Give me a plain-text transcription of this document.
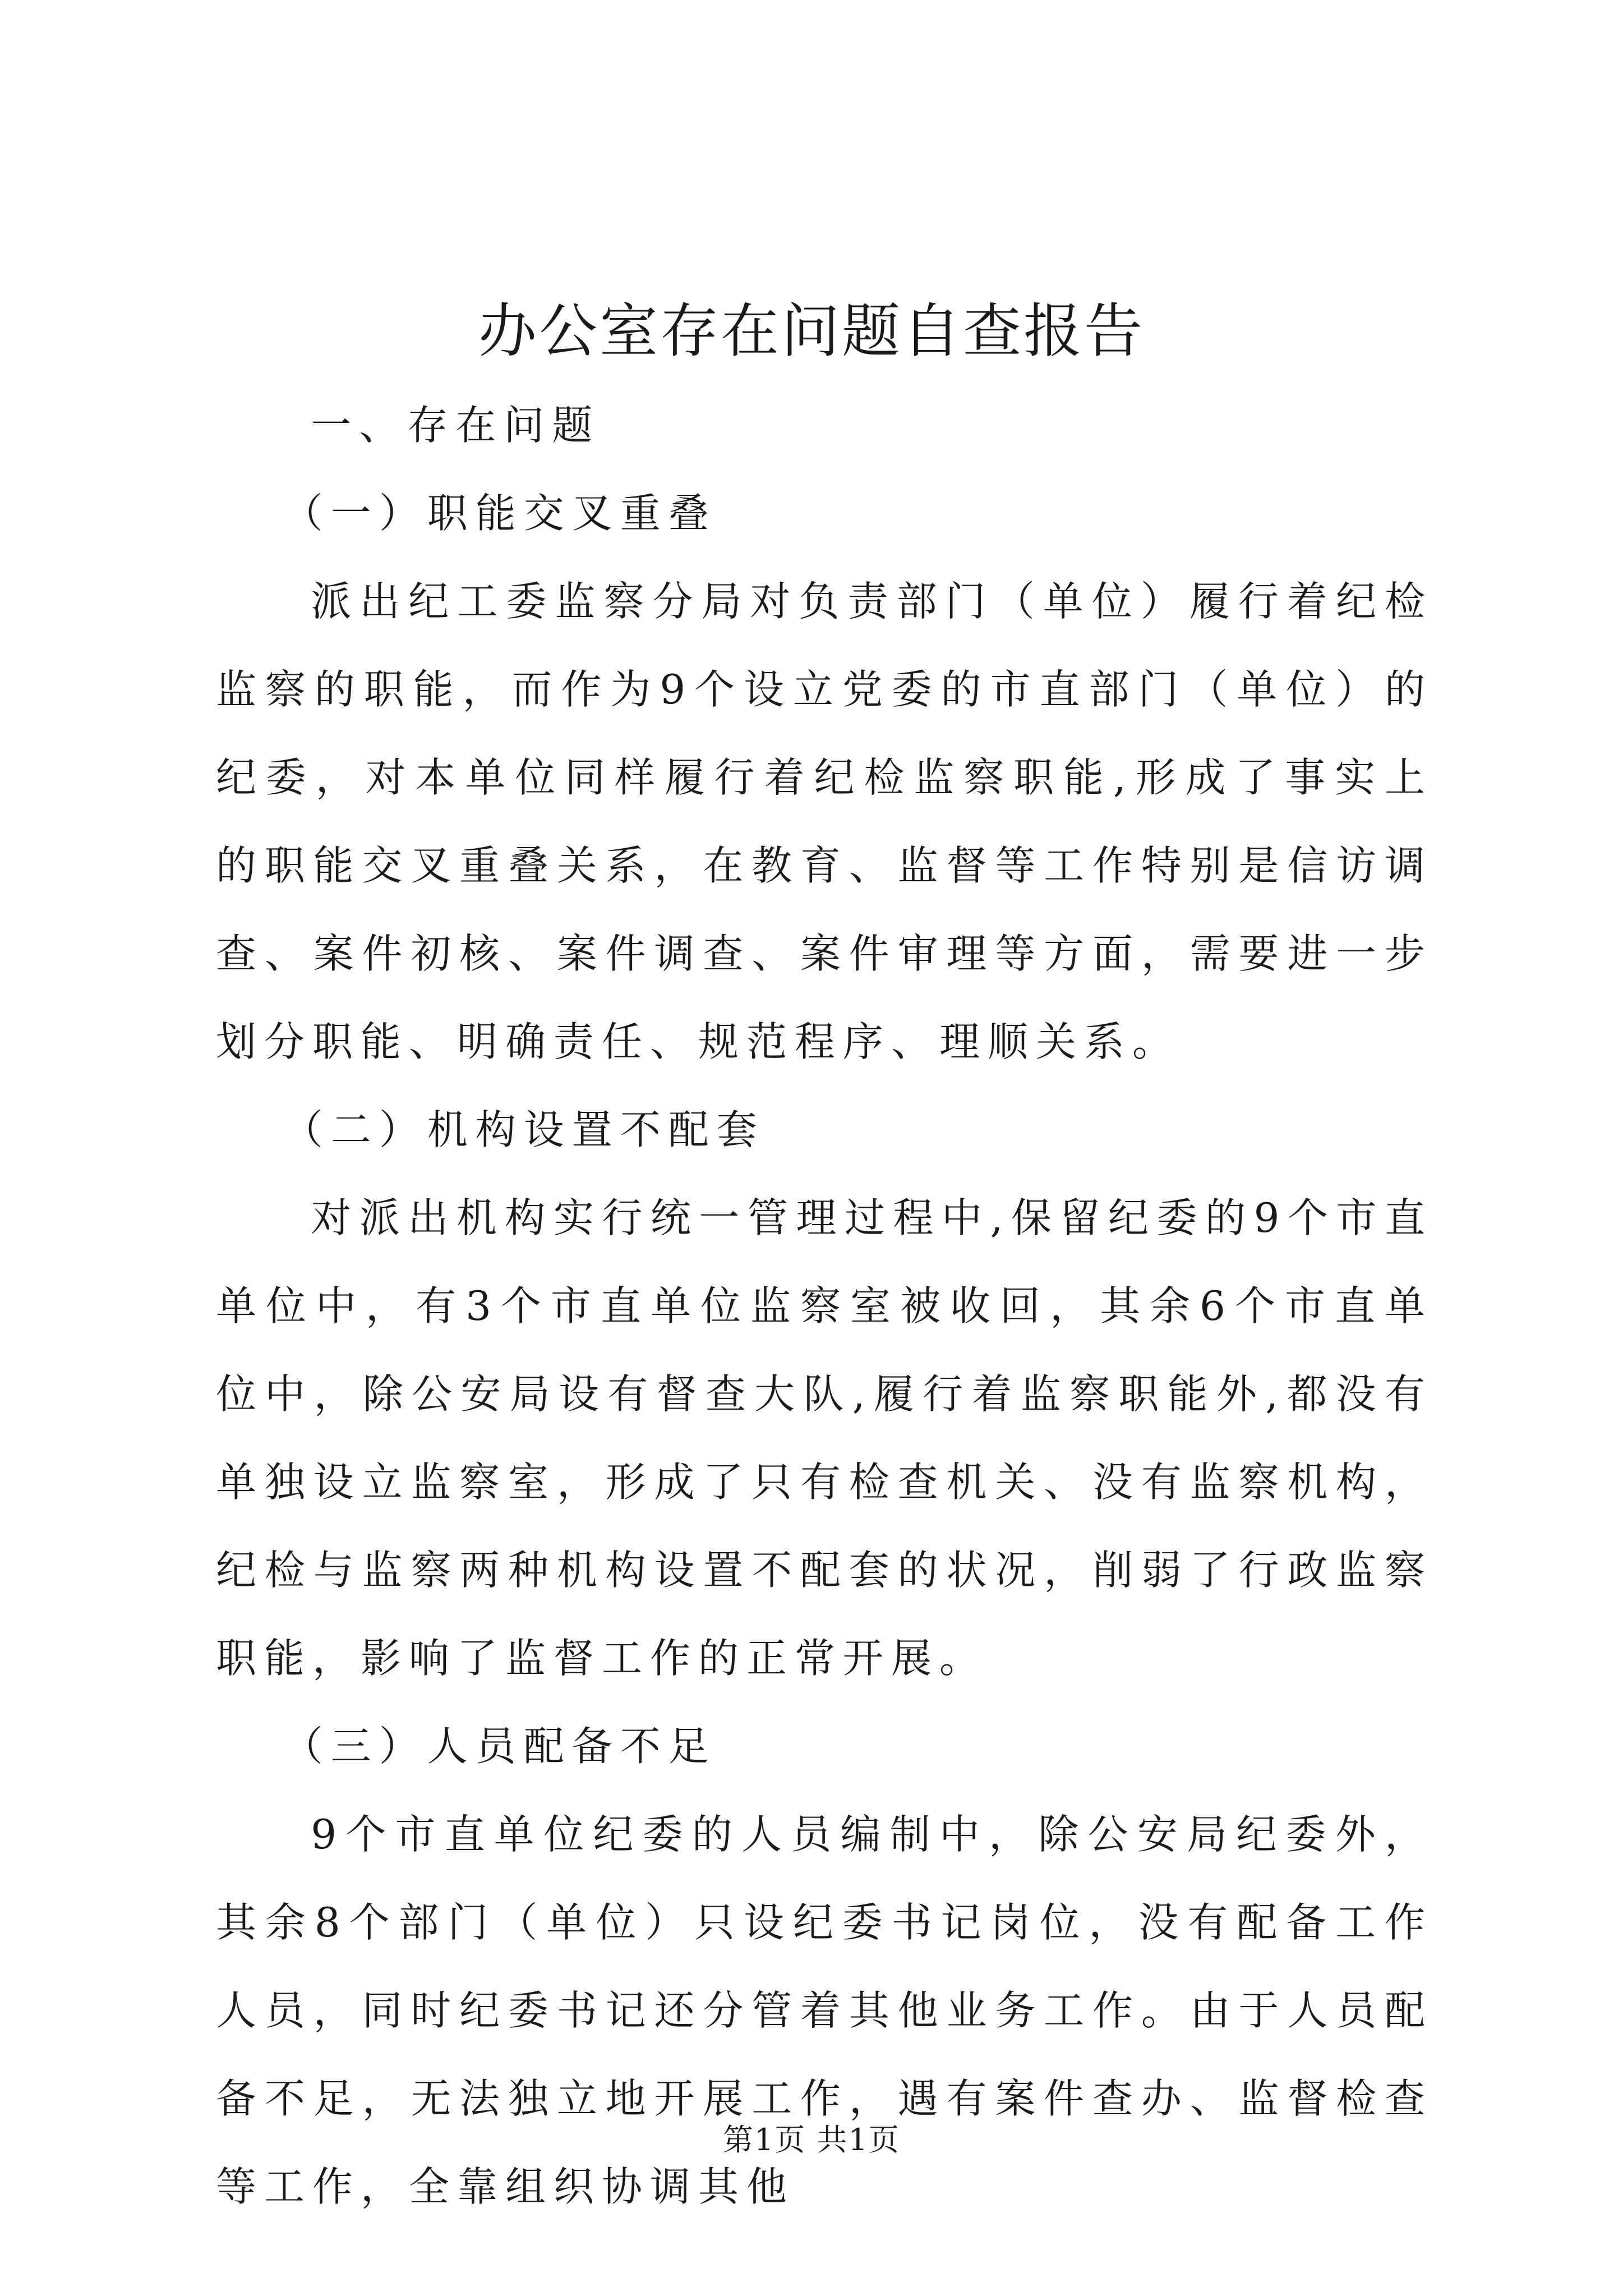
办公室存在问题自查报告

一、存在问题

（一）职能交叉重叠

派出纪工委监察分局对负责部门（单位）履行着纪检监察的职能，而作为9个设立党委的市直部门（单位）的纪委，对本单位同样履行着纪检监察职能,形成了事实上的职能交叉重叠关系，在教育、监督等工作特别是信访调查、案件初核、案件调查、案件审理等方面，需要进一步划分职能、明确责任、规范程序、理顺关系。

（二）机构设置不配套

对派出机构实行统一管理过程中,保留纪委的9个市直单位中，有3个市直单位监察室被收回，其余6个市直单位中，除公安局设有督查大队,履行着监察职能外,都没有单独设立监察室，形成了只有检查机关、没有监察机构，纪检与监察两种机构设置不配套的状况，削弱了行政监察职能，影响了监督工作的正常开展。

（三）人员配备不足

9个市直单位纪委的人员编制中，除公安局纪委外，其余8个部门（单位）只设纪委书记岗位，没有配备工作人员，同时纪委书记还分管着其他业务工作。由于人员配备不足，无法独立地开展工作，遇有案件查办、监督检查等工作，全靠组织协调其他

第1页 共1页
